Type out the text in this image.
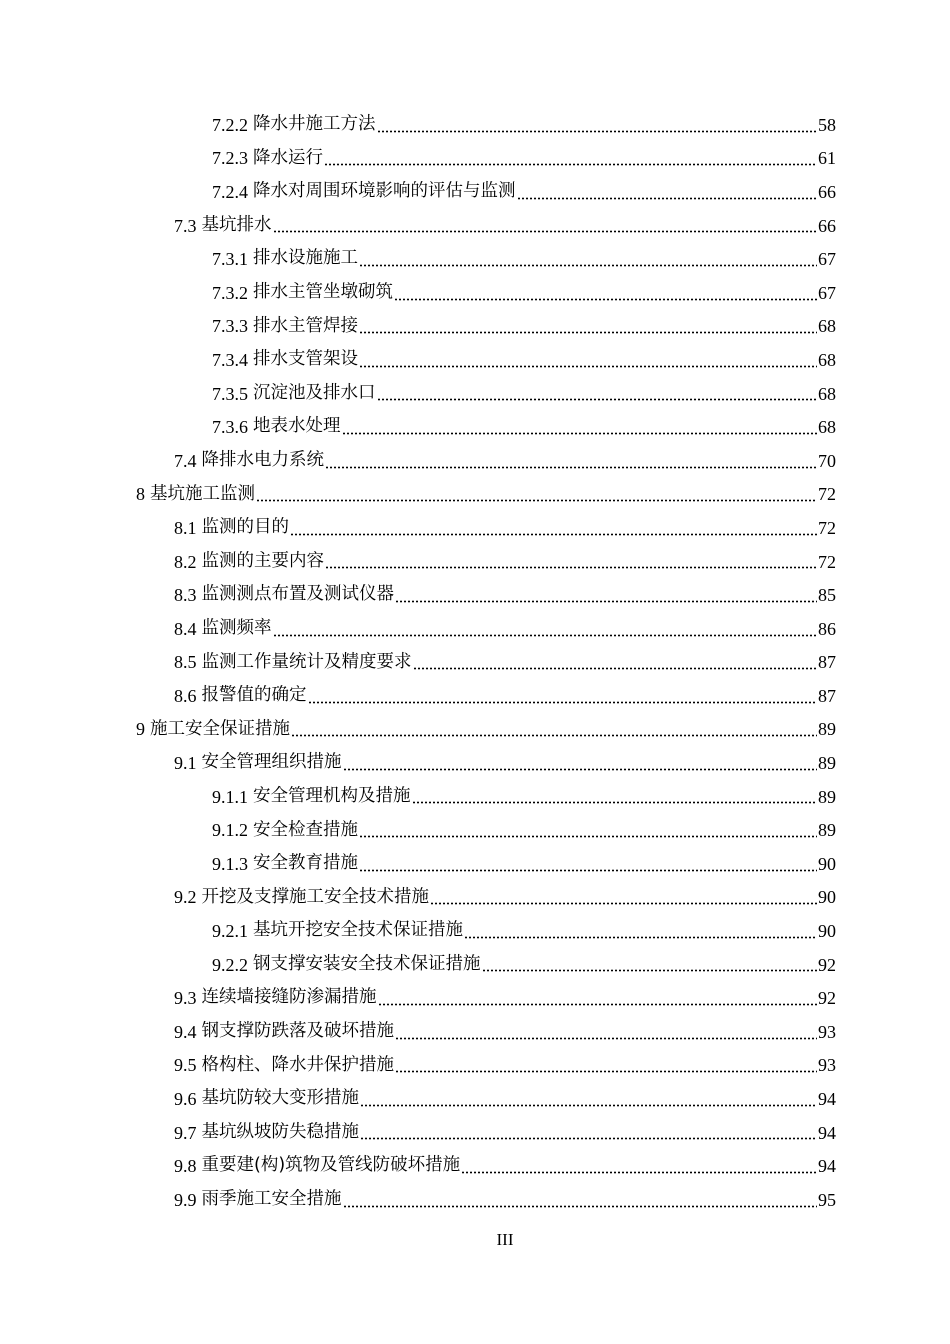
7.2.2 降水井施工方法	58
7.2.3 降水运行	61
7.2.4 降水对周围环境影响的评估与监测	66
7.3 基坑排水	66
7.3.1 排水设施施工	67
7.3.2 排水主管坐墩砌筑	67
7.3.3 排水主管焊接	68
7.3.4 排水支管架设	68
7.3.5 沉淀池及排水口	68
7.3.6 地表水处理	68
7.4 降排水电力系统	70
8 基坑施工监测	72
8.1 监测的目的	72
8.2 监测的主要内容	72
8.3 监测测点布置及测试仪器	85
8.4 监测频率	86
8.5 监测工作量统计及精度要求	87
8.6 报警值的确定	87
9 施工安全保证措施	89
9.1 安全管理组织措施	89
9.1.1 安全管理机构及措施	89
9.1.2 安全检查措施	89
9.1.3 安全教育措施	90
9.2 开挖及支撑施工安全技术措施	90
9.2.1 基坑开挖安全技术保证措施	90
9.2.2 钢支撑安装安全技术保证措施	92
9.3 连续墙接缝防渗漏措施	92
9.4 钢支撑防跌落及破坏措施	93
9.5 格构柱、降水井保护措施	93
9.6 基坑防较大变形措施	94
9.7 基坑纵坡防失稳措施	94
9.8 重要建(构)筑物及管线防破坏措施	94
9.9 雨季施工安全措施	95
III
